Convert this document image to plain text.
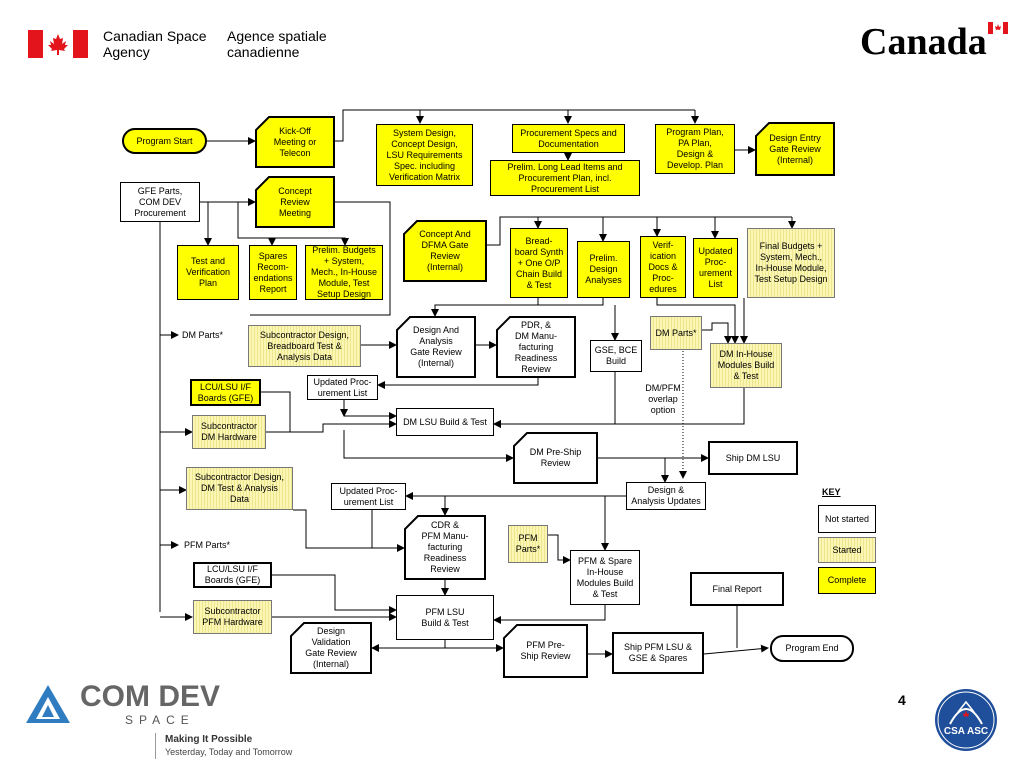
Canadian Space
Agency
Agence spatiale
canadienne	Canada
Program Start
Kick-Off
Meeting or
Telecon
System Design,
Concept Design,
LSU Requirements
Spec. including
Verification Matrix
Procurement Specs and
Documentation
Prelim. Long Lead Items and
Procurement Plan, incl.
Procurement List
Program Plan,
PA Plan,
Design &
Develop. Plan
Design Entry
Gate Review
(Internal)
GFE Parts,
COM DEV
Procurement
Concept
Review
Meeting
Concept And
DFMA Gate
Review
(Internal)
Test and
Verification
Plan
Spares
Recom-
endations
Report
Prelim. Budgets
+ System,
Mech., In-House
Module, Test
Setup Design
Bread-
board Synth
+ One O/P
Chain Build
& Test
Prelim.
Design
Analyses
Verif-
ication
Docs &
Proc-
edures
Updated
Proc-
urement
List
Final Budgets +
System, Mech.,
In-House Module,
Test Setup Design
DM Parts*	Subcontractor Design,
Breadboard Test &
Analysis Data
Design And
Analysis
Gate Review
(Internal)
PDR, &
DM Manu-
facturing
Readiness
Review
GSE, BCE
Build
DM Parts*
DM In-House
Modules Build
& Test
LCU/LSU I/F
Boards (GFE)
Updated Proc-
urement List	DM/PFM
overlap
option
Subcontractor
DM Hardware
DM LSU Build & Test
DM Pre-Ship
Review
Ship DM LSU
Subcontractor Design,
DM Test & Analysis
Data
Updated Proc-
urement List
Design &
Analysis Updates
CDR &
PFM Manu-
facturing
Readiness
Review
PFM Parts*
PFM
Parts*
PFM & Spare
In-House
Modules Build
& Test
LCU/LSU I/F
Boards (GFE)
Final Report
Subcontractor
PFM Hardware
PFM LSU
Build & Test
Design
Validation
Gate Review
(Internal)
PFM Pre-
Ship Review
Ship PFM LSU &
GSE & Spares
Program End
KEY
Not started
Started
Complete
COM DEV
SPACE
Making It Possible
Yesterday, Today and Tomorrow
4
CSA ASC
